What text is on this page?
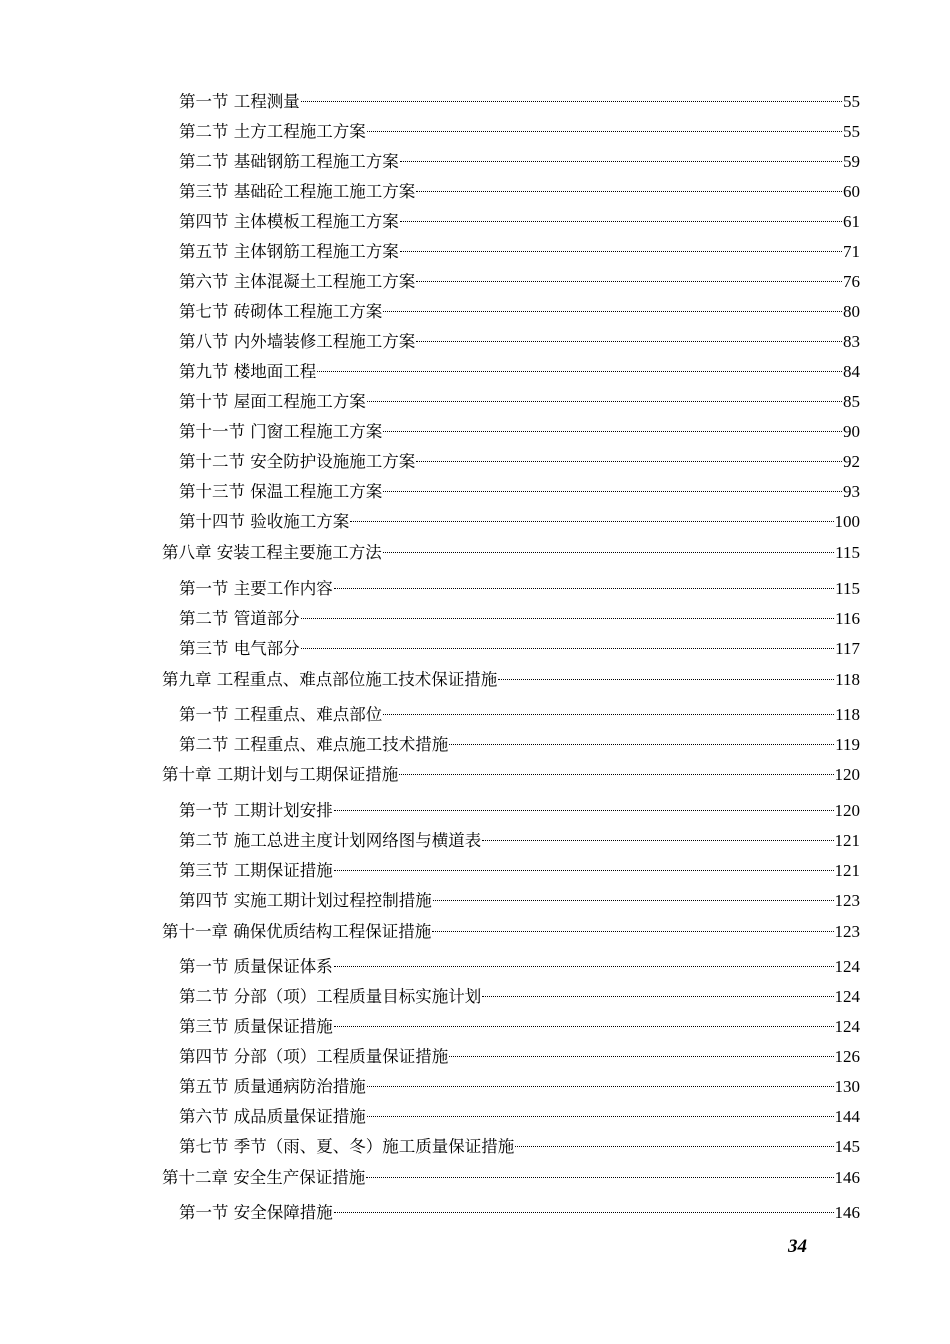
第一节 工程测量	55
第二节 土方工程施工方案	55
第二节 基础钢筋工程施工方案	59
第三节 基础砼工程施工施工方案	60
第四节 主体模板工程施工方案	61
第五节 主体钢筋工程施工方案	71
第六节 主体混凝土工程施工方案	76
第七节 砖砌体工程施工方案	80
第八节 内外墙装修工程施工方案	83
第九节 楼地面工程	84
第十节 屋面工程施工方案	85
第十一节 门窗工程施工方案	90
第十二节 安全防护设施施工方案	92
第十三节 保温工程施工方案	93
第十四节 验收施工方案	100
第八章 安装工程主要施工方法	115
第一节 主要工作内容	115
第二节 管道部分	116
第三节 电气部分	117
第九章 工程重点、难点部位施工技术保证措施	118
第一节 工程重点、难点部位	118
第二节 工程重点、难点施工技术措施	119
第十章 工期计划与工期保证措施	120
第一节 工期计划安排	120
第二节 施工总进主度计划网络图与横道表	121
第三节 工期保证措施	121
第四节 实施工期计划过程控制措施	123
第十一章 确保优质结构工程保证措施	123
第一节 质量保证体系	124
第二节 分部（项）工程质量目标实施计划	124
第三节 质量保证措施	124
第四节 分部（项）工程质量保证措施	126
第五节 质量通病防治措施	130
第六节 成品质量保证措施	144
第七节 季节（雨、夏、冬）施工质量保证措施	145
第十二章 安全生产保证措施	146
第一节 安全保障措施	146
34
